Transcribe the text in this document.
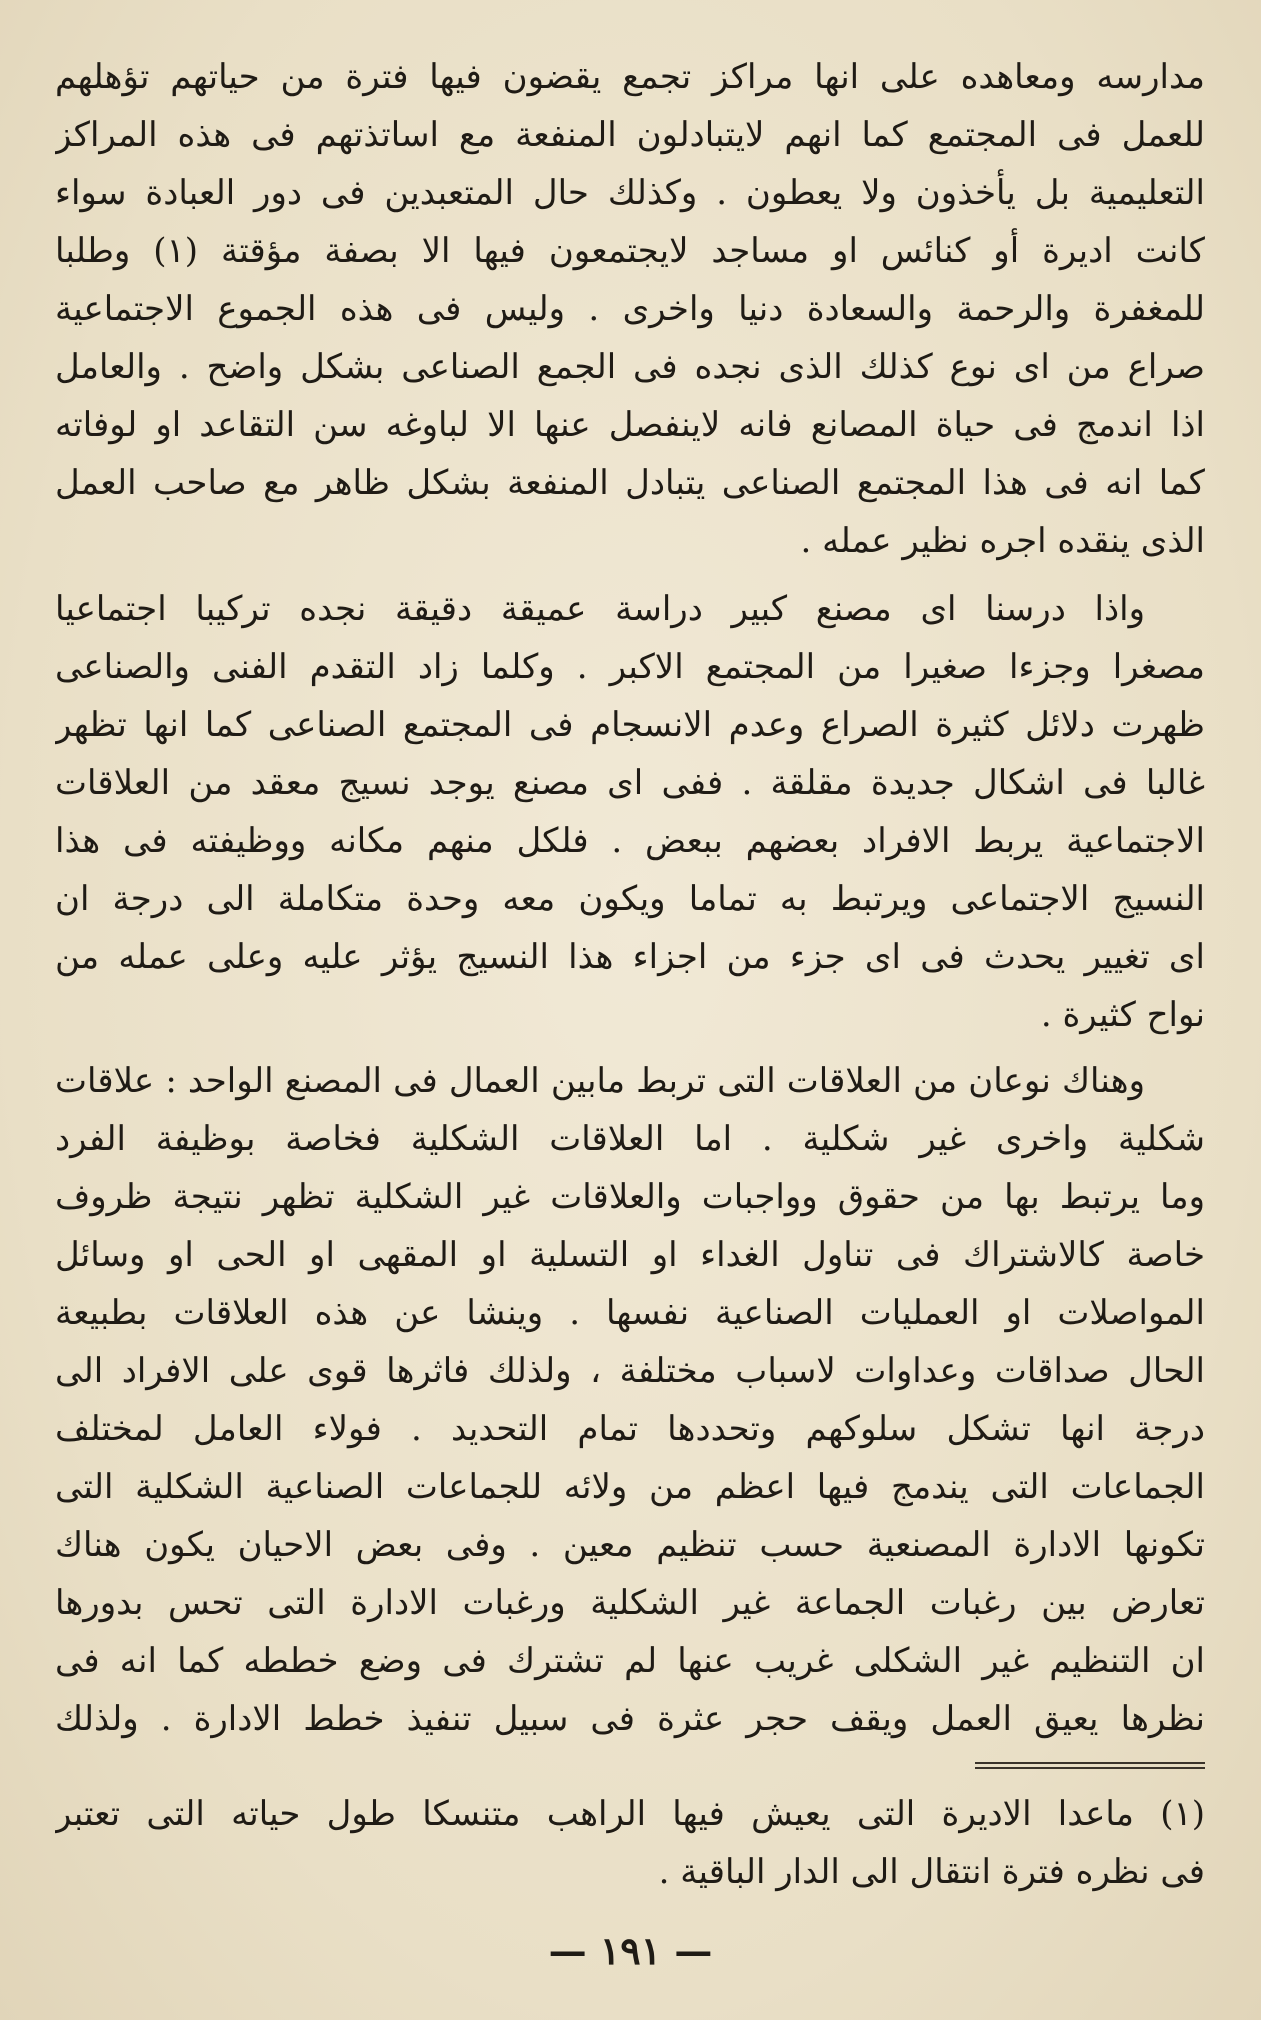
مدارسه ومعاهده على انها مراكز تجمع يقضون فيها فترة من حياتهم تؤهلهم
للعمل فى المجتمع كما انهم لايتبادلون المنفعة مع اساتذتهم فى هذه المراكز
التعليمية بل يأخذون ولا يعطون . وكذلك حال المتعبدين فى دور العبادة سواء
كانت اديرة أو كنائس او مساجد لايجتمعون فيها الا بصفة مؤقتة (١) وطلبا
للمغفرة والرحمة والسعادة دنيا واخرى . وليس فى هذه الجموع الاجتماعية
صراع من اى نوع كذلك الذى نجده فى الجمع الصناعى بشكل واضح . والعامل
اذا اندمج فى حياة المصانع فانه لاينفصل عنها الا لباوغه سن التقاعد او لوفاته
كما انه فى هذا المجتمع الصناعى يتبادل المنفعة بشكل ظاهر مع صاحب العمل
الذى ينقده اجره نظير عمله .
واذا درسنا اى مصنع كبير دراسة عميقة دقيقة نجده تركيبا اجتماعيا
مصغرا وجزءا صغيرا من المجتمع الاكبر . وكلما زاد التقدم الفنى والصناعى
ظهرت دلائل كثيرة الصراع وعدم الانسجام فى المجتمع الصناعى كما انها تظهر
غالبا فى اشكال جديدة مقلقة . ففى اى مصنع يوجد نسيج معقد من العلاقات
الاجتماعية يربط الافراد بعضهم ببعض . فلكل منهم مكانه ووظيفته فى هذا
النسيج الاجتماعى ويرتبط به تماما ويكون معه وحدة متكاملة الى درجة ان
اى تغيير يحدث فى اى جزء من اجزاء هذا النسيج يؤثر عليه وعلى عمله من
نواح كثيرة .
وهناك نوعان من العلاقات التى تربط مابين العمال فى المصنع الواحد : علاقات
شكلية واخرى غير شكلية . اما العلاقات الشكلية فخاصة بوظيفة الفرد
وما يرتبط بها من حقوق وواجبات والعلاقات غير الشكلية تظهر نتيجة ظروف
خاصة كالاشتراك فى تناول الغداء او التسلية او المقهى او الحى او وسائل
المواصلات او العمليات الصناعية نفسها . وينشا عن هذه العلاقات بطبيعة
الحال صداقات وعداوات لاسباب مختلفة ، ولذلك فاثرها قوى على الافراد الى
درجة انها تشكل سلوكهم وتحددها تمام التحديد . فولاء العامل لمختلف
الجماعات التى يندمج فيها اعظم من ولائه للجماعات الصناعية الشكلية التى
تكونها الادارة المصنعية حسب تنظيم معين . وفى بعض الاحيان يكون هناك
تعارض بين رغبات الجماعة غير الشكلية ورغبات الادارة التى تحس بدورها
ان التنظيم غير الشكلى غريب عنها لم تشترك فى وضع خططه كما انه فى
نظرها يعيق العمل ويقف حجر عثرة فى سبيل تنفيذ خطط الادارة . ولذلك
(١) ماعدا الاديرة التى يعيش فيها الراهب متنسكا طول حياته التى تعتبر
فى نظره فترة انتقال الى الدار الباقية .
— ١٩١ —
